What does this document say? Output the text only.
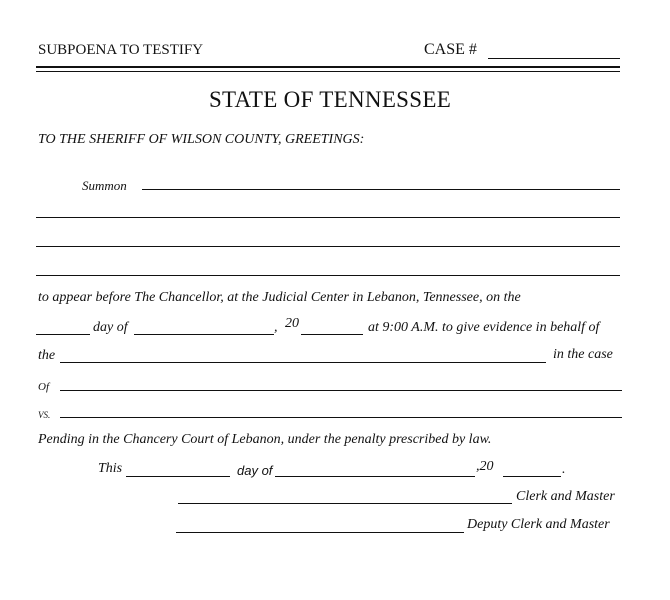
SUBPOENA TO TESTIFY	CASE #
STATE OF TENNESSEE
TO THE SHERIFF OF WILSON COUNTY, GREETINGS:
Summon
to appear before The Chancellor, at the Judicial Center in Lebanon, Tennessee, on the
day of	, 20	at 9:00 A.M. to give evidence in behalf of
the	in the case
Of
VS.
Pending in the Chancery Court of Lebanon, under the penalty prescribed by law.
This	day of	,20	.
Clerk and Master
Deputy Clerk and Master
